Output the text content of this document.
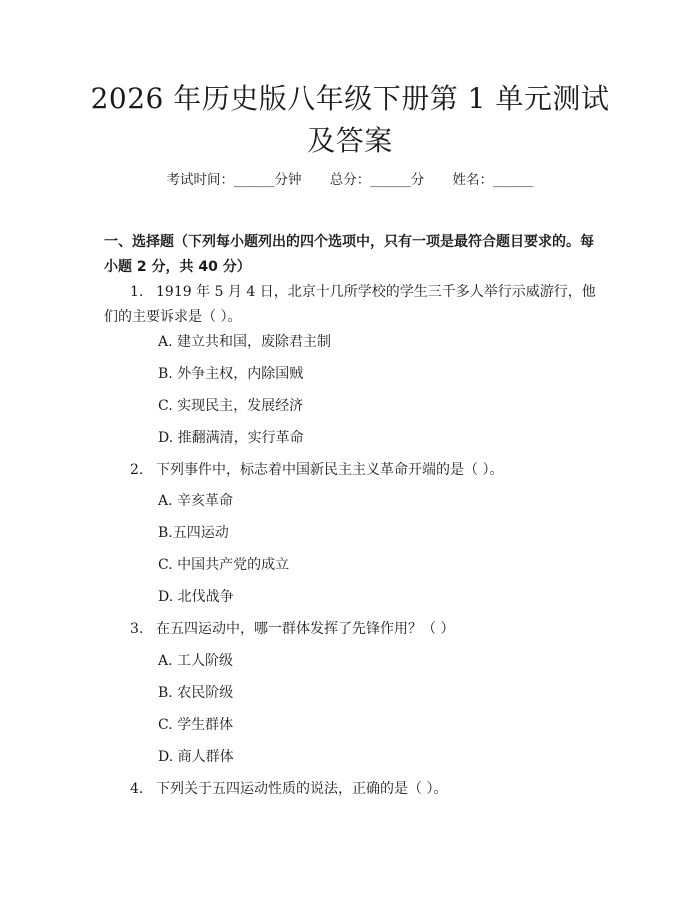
2026 年历史版八年级下册第 1 单元测试及答案
考试时间：______分钟 总分：______分 姓名：______
一、选择题（下列每小题列出的四个选项中，只有一项是最符合题目要求的。每小题 2 分，共 40 分）
1. 1919 年 5 月 4 日，北京十几所学校的学生三千多人举行示威游行，他们的主要诉求是（ ）。
A. 建立共和国，废除君主制
B. 外争主权，内除国贼
C. 实现民主，发展经济
D. 推翻满清，实行革命
2. 下列事件中，标志着中国新民主主义革命开端的是（ ）。
A. 辛亥革命
B.五四运动
C. 中国共产党的成立
D. 北伐战争
3. 在五四运动中，哪一群体发挥了先锋作用？（ ）
A. 工人阶级
B. 农民阶级
C. 学生群体
D. 商人群体
4. 下列关于五四运动性质的说法，正确的是（ ）。
